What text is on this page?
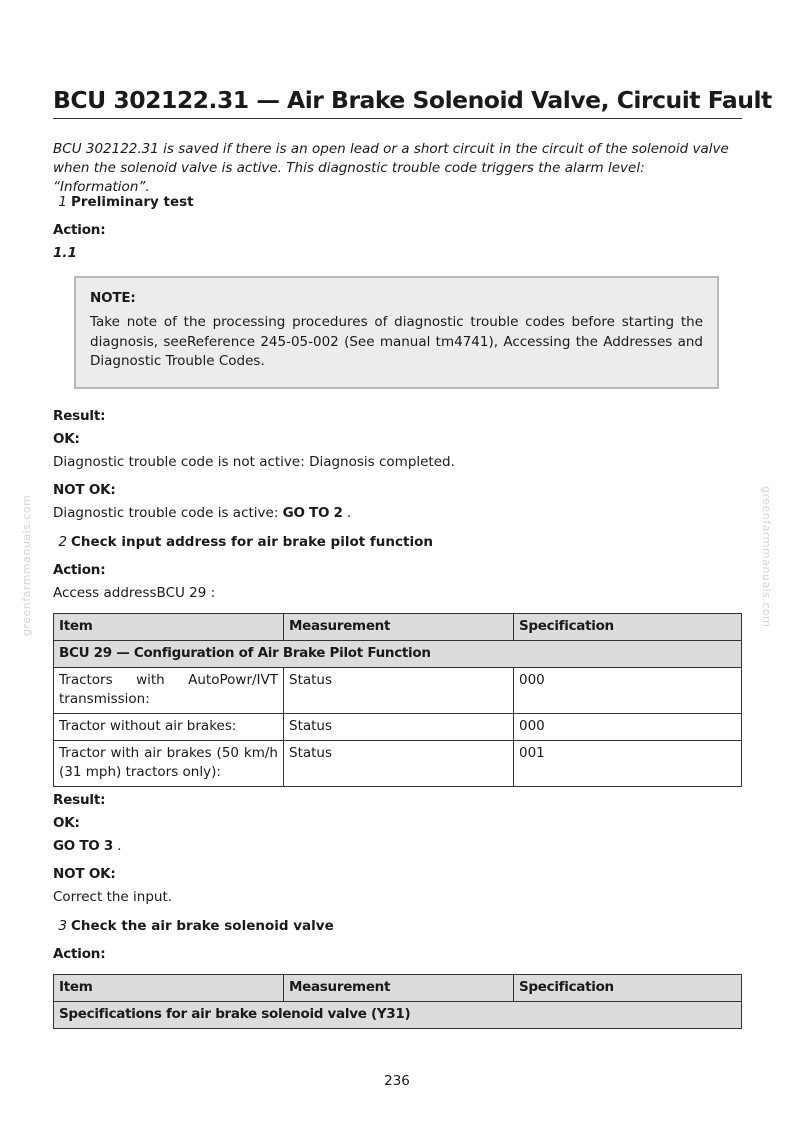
greenfarmmanuals.com	greenfarmmanuals.com
BCU 302122.31 — Air Brake Solenoid Valve, Circuit Fault
BCU 302122.31 is saved if there is an open lead or a short circuit in the circuit of the solenoid valve when the solenoid valve is active. This diagnostic trouble code triggers the alarm level: “Information”.
1 Preliminary test
Action:
1.1
NOTE:
Take note of the processing procedures of diagnostic trouble codes before starting the diagnosis, seeReference 245-05-002 (See manual tm4741), Accessing the Addresses and Diagnostic Trouble Codes.
Result:
OK:
Diagnostic trouble code is not active: Diagnosis completed.
NOT OK:
Diagnostic trouble code is active: GO TO 2 .
2 Check input address for air brake pilot function
Action:
Access addressBCU 29 :
Item	Measurement	Specification
BCU 29 — Configuration of Air Brake Pilot Function		
Tractors with AutoPowr/IVT transmission:	Status	000
Tractor without air brakes:	Status	000
Tractor with air brakes (50 km/h (31 mph) tractors only):	Status	001
Result:
OK:
GO TO 3 .
NOT OK:
Correct the input.
3 Check the air brake solenoid valve
Action:
Item	Measurement	Specification
Specifications for air brake solenoid valve (Y31)
236
